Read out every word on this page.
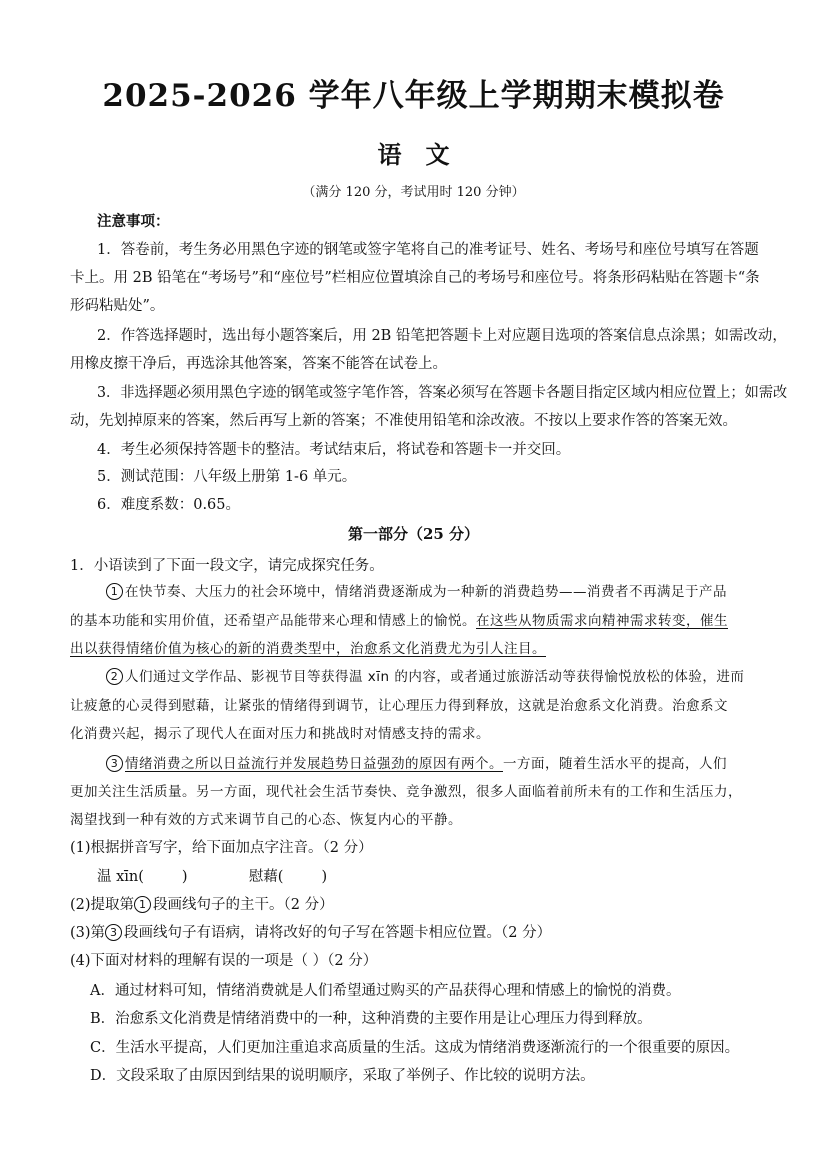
2025-2026 学年八年级上学期期末模拟卷
语文
（满分 120 分，考试用时 120 分钟）
注意事项：
1．答卷前，考生务必用黑色字迹的钢笔或签字笔将自己的准考证号、姓名、考场号和座位号填写在答题
卡上。用 2B 铅笔在“考场号”和“座位号”栏相应位置填涂自己的考场号和座位号。将条形码粘贴在答题卡“条
形码粘贴处”。
2．作答选择题时，选出每小题答案后，用 2B 铅笔把答题卡上对应题目选项的答案信息点涂黑；如需改动，
用橡皮擦干净后，再选涂其他答案，答案不能答在试卷上。
3．非选择题必须用黑色字迹的钢笔或签字笔作答，答案必须写在答题卡各题目指定区域内相应位置上；如需改
动，先划掉原来的答案，然后再写上新的答案；不准使用铅笔和涂改液。不按以上要求作答的答案无效。
4．考生必须保持答题卡的整洁。考试结束后，将试卷和答题卡一并交回。
5．测试范围：八年级上册第 1-6 单元。
6．难度系数：0.65。
第一部分（25 分）
1．小语读到了下面一段文字，请完成探究任务。
1 在快节奏、大压力的社会环境中，情绪消费逐渐成为一种新的消费趋势——消费者不再满足于产品
的基本功能和实用价值，还希望产品能带来心理和情感上的愉悦。在这些从物质需求向精神需求转变，催生
出以获得情绪价值为核心的新的消费类型中，治愈系文化消费尤为引人注目。
2 人们通过文学作品、影视节目等获得温 xīn 的内容，或者通过旅游活动等获得愉悦放松的体验，进而
让疲惫的心灵得到慰藉，让紧张的情绪得到调节，让心理压力得到释放，这就是治愈系文化消费。治愈系文
化消费兴起，揭示了现代人在面对压力和挑战时对情感支持的需求。
3 情绪消费之所以日益流行并发展趋势日益强劲的原因有两个。一方面，随着生活水平的提高，人们
更加关注生活质量。另一方面，现代社会生活节奏快、竞争激烈，很多人面临着前所未有的工作和生活压力，
渴望找到一种有效的方式来调节自己的心态、恢复内心的平静。
(1)根据拼音写字，给下面加点字注音。（2 分）
温 xīn(	)	慰藉(	)
(2)提取第 1 段画线句子的主干。（2 分）
(3)第 3 段画线句子有语病，请将改好的句子写在答题卡相应位置。（2 分）
(4)下面对材料的理解有误的一项是（ ）（2 分）
A．通过材料可知，情绪消费就是人们希望通过购买的产品获得心理和情感上的愉悦的消费。
B．治愈系文化消费是情绪消费中的一种，这种消费的主要作用是让心理压力得到释放。
C．生活水平提高，人们更加注重追求高质量的生活。这成为情绪消费逐渐流行的一个很重要的原因。
D．文段采取了由原因到结果的说明顺序，采取了举例子、作比较的说明方法。
